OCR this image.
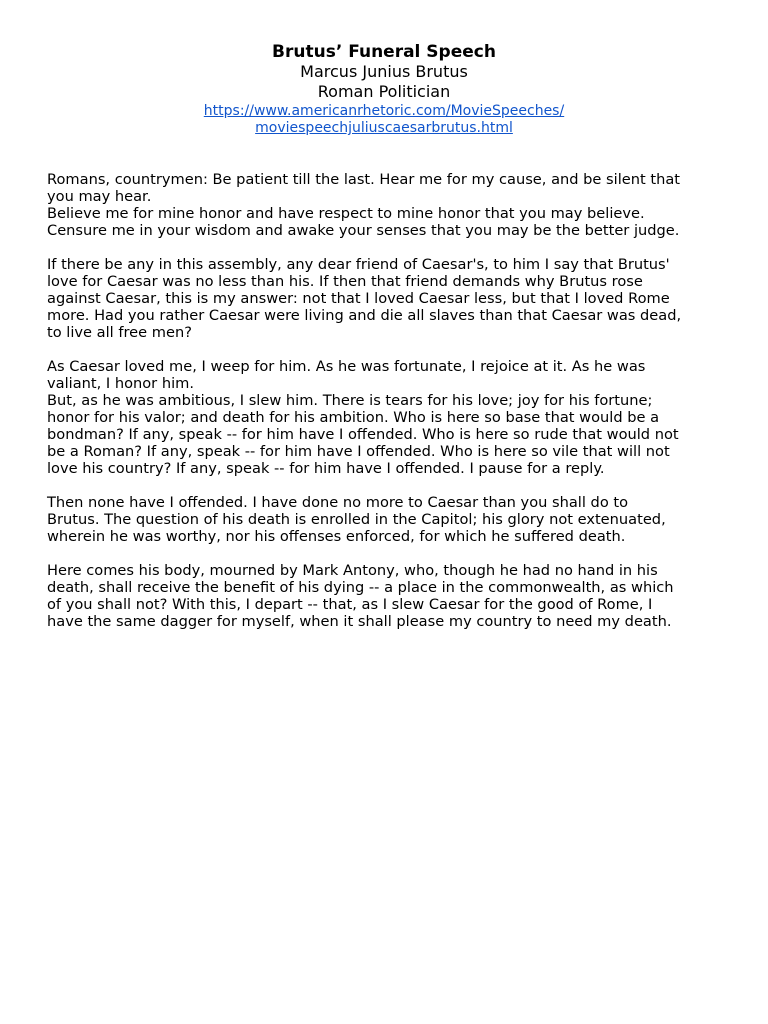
Brutus’ Funeral Speech
Marcus Junius Brutus
Roman Politician
https://www.americanrhetoric.com/MovieSpeeches/
moviespeechjuliuscaesarbrutus.html
Romans, countrymen: Be patient till the last. Hear me for my cause, and be silent that
you may hear.
Believe me for mine honor and have respect to mine honor that you may believe.
Censure me in your wisdom and awake your senses that you may be the better judge.
If there be any in this assembly, any dear friend of Caesar's, to him I say that Brutus'
love for Caesar was no less than his. If then that friend demands why Brutus rose
against Caesar, this is my answer: not that I loved Caesar less, but that I loved Rome
more. Had you rather Caesar were living and die all slaves than that Caesar was dead,
to live all free men?
As Caesar loved me, I weep for him. As he was fortunate, I rejoice at it. As he was
valiant, I honor him.
But, as he was ambitious, I slew him. There is tears for his love; joy for his fortune;
honor for his valor; and death for his ambition. Who is here so base that would be a
bondman? If any, speak -- for him have I offended. Who is here so rude that would not
be a Roman? If any, speak -- for him have I offended. Who is here so vile that will not
love his country? If any, speak -- for him have I offended. I pause for a reply.
Then none have I offended. I have done no more to Caesar than you shall do to
Brutus. The question of his death is enrolled in the Capitol; his glory not extenuated,
wherein he was worthy, nor his offenses enforced, for which he suffered death.
Here comes his body, mourned by Mark Antony, who, though he had no hand in his
death, shall receive the benefit of his dying -- a place in the commonwealth, as which
of you shall not? With this, I depart -- that, as I slew Caesar for the good of Rome, I
have the same dagger for myself, when it shall please my country to need my death.
